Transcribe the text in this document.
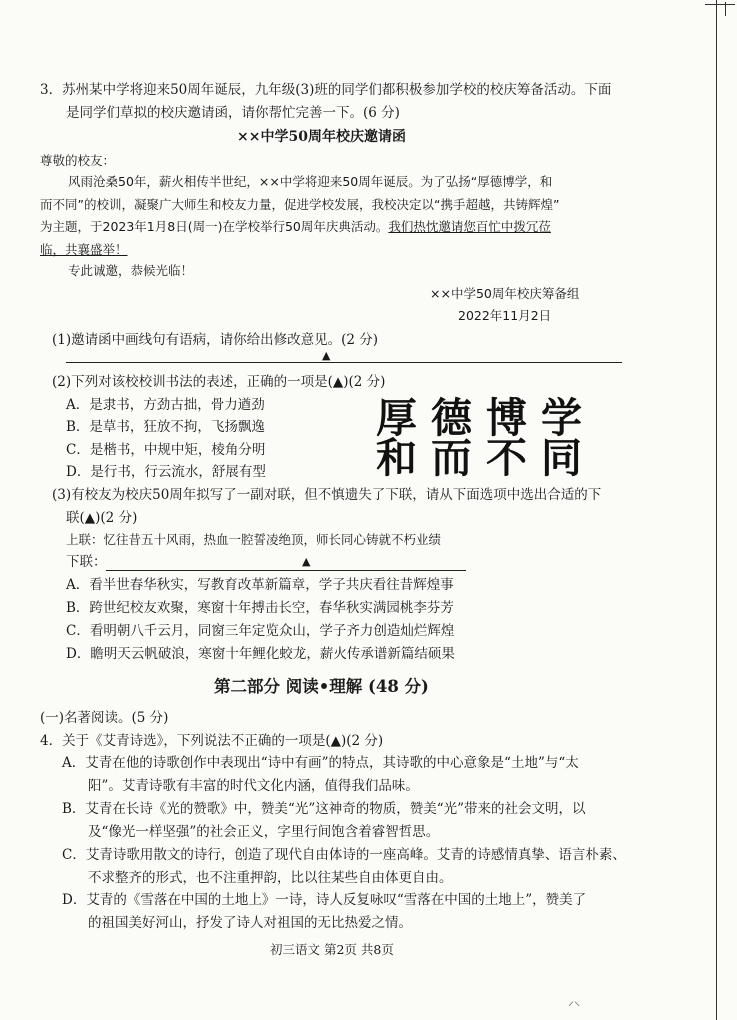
3．苏州某中学将迎来50周年诞辰，九年级(3)班的同学们都积极参加学校的校庆筹备活动。下面
是同学们草拟的校庆邀请函，请你帮忙完善一下。(6 分)
××中学50周年校庆邀请函
尊敬的校友：
风雨沧桑50年，薪火相传半世纪，××中学将迎来50周年诞辰。为了弘扬“厚德博学，和
而不同”的校训，凝聚广大师生和校友力量，促进学校发展，我校决定以“携手超越，共铸辉煌”
为主题，于2023年1月8日(周一)在学校举行50周年庆典活动。我们热忱邀请您百忙中拨冗莅
临，共襄盛举！
专此诚邀，恭候光临！
××中学50周年校庆筹备组
2022年11月2日
(1)邀请函中画线句有语病，请你给出修改意见。(2 分)
▲
(2)下列对该校校训书法的表述，正确的一项是(▲)(2 分)
A．是隶书，方劲古拙，骨力遒劲
B．是草书，狂放不拘，飞扬飘逸
C．是楷书，中规中矩，棱角分明
D．是行书，行云流水，舒展有型
厚德博学
和而不同
(3)有校友为校庆50周年拟写了一副对联，但不慎遗失了下联，请从下面选项中选出合适的下
联(▲)(2 分)
上联：忆往昔五十风雨，热血一腔誓凌绝顶，师长同心铸就不朽业绩
下联：	▲
A．看半世春华秋实，写教育改革新篇章，学子共庆看往昔辉煌事
B．跨世纪校友欢聚，寒窗十年搏击长空，春华秋实满园桃李芬芳
C．看明朝八千云月，同窗三年定览众山，学子齐力创造灿烂辉煌
D．瞻明天云帆破浪，寒窗十年鲤化蛟龙，薪火传承谱新篇结硕果
第二部分 阅读•理解 (48 分)
(一)名著阅读。(5 分)
4．关于《艾青诗选》，下列说法不正确的一项是(▲)(2 分)
A．艾青在他的诗歌创作中表现出“诗中有画”的特点，其诗歌的中心意象是“土地”与“太
阳”。艾青诗歌有丰富的时代文化内涵，值得我们品味。
B．艾青在长诗《光的赞歌》中，赞美“光”这神奇的物质，赞美“光”带来的社会文明，以
及“像光一样坚强”的社会正义，字里行间饱含着睿智哲思。
C．艾青诗歌用散文的诗行，创造了现代自由体诗的一座高峰。艾青的诗感情真挚、语言朴素、
不求整齐的形式，也不注重押韵，比以往某些自由体更自由。
D．艾青的《雪落在中国的土地上》一诗，诗人反复咏叹“雪落在中国的土地上”，赞美了
的祖国美好河山，抒发了诗人对祖国的无比热爱之情。
初三语文 第2页 共8页
⸝⸜
